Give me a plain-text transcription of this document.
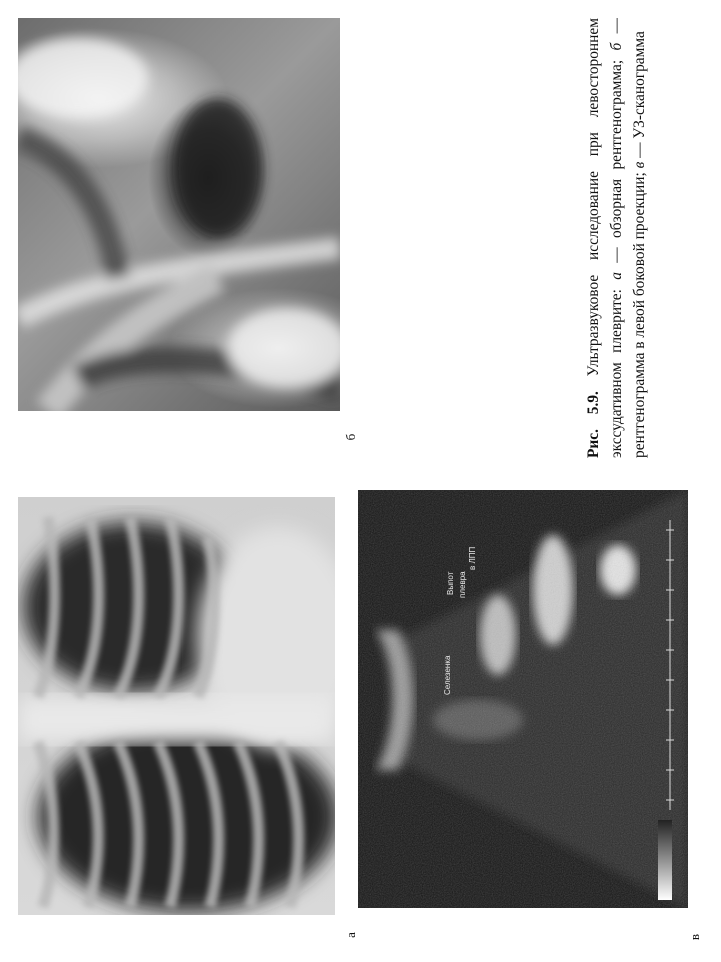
б
а
Селезенка
Выпот плевра
в ЛПП
в
Рис. 5.9. Ультразвуковое исследование при левостороннем экссудативном плеврите: а — обзорная рентгенограмма; б — рентгенограмма в левой боковой проекции; в — УЗ-сканограмма
